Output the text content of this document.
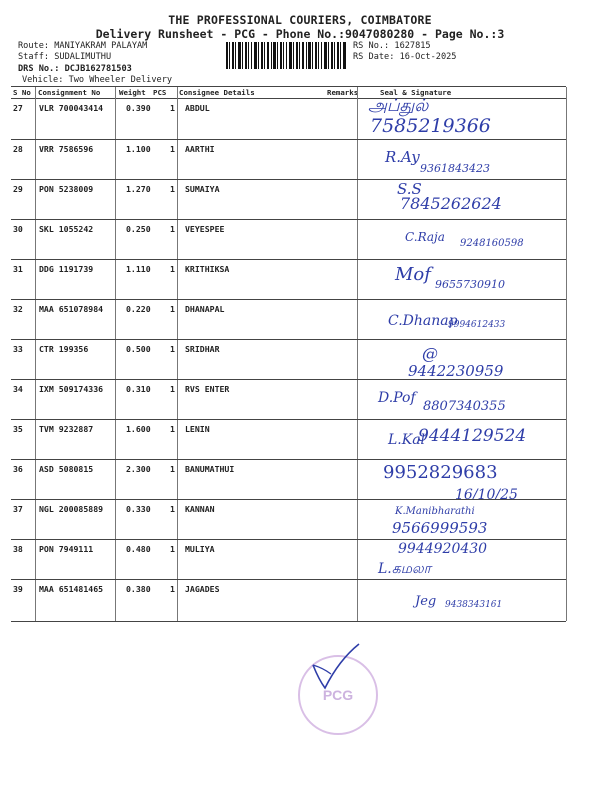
THE PROFESSIONAL COURIERS, COIMBATORE
Delivery Runsheet - PCG - Phone No.:9047080280 - Page No.:3
Route: MANIYAKRAM PALAYAM
Staff: SUDALIMUTHU
DRS No.: DCJB162781503
Vehicle: Two Wheeler Delivery
RS No.: 1627815
RS Date: 16-Oct-2025
S No Consignment No	Weight PCS Consignee Details	Remarks	Seal & Signature
27 VLR 700043414	0.390 1 ABDUL	அப்துல்
7585219366
28 VRR 7586596	1.100 1 AARTHI	R.Ay
9361843423
29 PON 5238009	1.270 1 SUMAIYA	S.S
7845262624
30 SKL 1055242	0.250 1 VEYESPEE
C.Raja 9248160598
31 DDG 1191739	1.110 1 KRITHIKSA	Mof 9655730910
32 MAA 651078984	0.220 1 DHANAPAL
C.Dhanap
9994612433
33 CTR 199356	0.500 1 SRIDHAR	@
9442230959
34 IXM 509174336	0.310 1 RVS ENTER
D.Pof
8807340355
35 TVM 9232887	1.600 1 LENIN
L.Kal
9444129524
36 ASD 5080815	2.300 1 BANUMATHUI	9952829683
16/10/25
37 NGL 200085889	0.330 1 KANNAN	K.Manibharathi
9566999593
38 PON 7949111	0.480 1 MULIYA	9944920430
L.கமலா
39 MAA 651481465	0.380 1 JAGADES
Jeg 9438343161
PCG
